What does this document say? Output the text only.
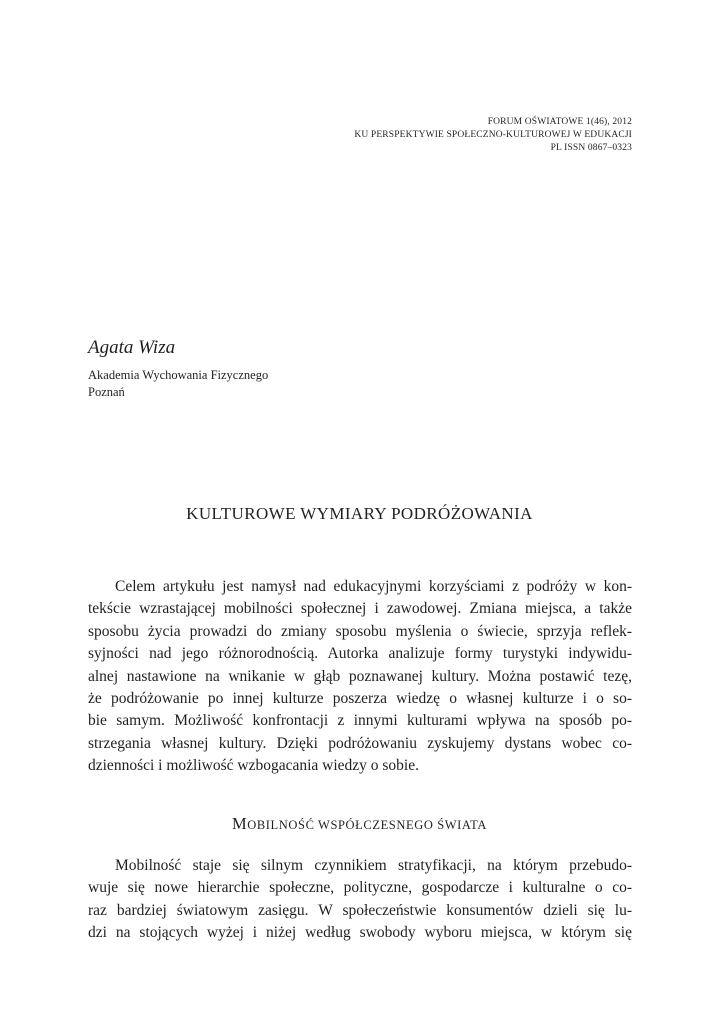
FORUM OŚWIATOWE 1(46), 2012
KU PERSPEKTYWIE SPOŁECZNO-KULTUROWEJ W EDUKACJI
PL ISSN 0867–0323
Agata Wiza
Akademia Wychowania Fizycznego
Poznań
KULTUROWE WYMIARY PODRÓŻOWANIA
Celem artykułu jest namysł nad edukacyjnymi korzyściami z podróży w kon-
tekście wzrastającej mobilności społecznej i zawodowej. Zmiana miejsca, a także
sposobu życia prowadzi do zmiany sposobu myślenia o świecie, sprzyja reflek-
syjności nad jego różnorodnością. Autorka analizuje formy turystyki indywidu-
alnej nastawione na wnikanie w głąb poznawanej kultury. Można postawić tezę,
że podróżowanie po innej kulturze poszerza wiedzę o własnej kulturze i o so-
bie samym. Możliwość konfrontacji z innymi kulturami wpływa na sposób po-
strzegania własnej kultury. Dzięki podróżowaniu zyskujemy dystans wobec co-
dzienności i możliwość wzbogacania wiedzy o sobie.
MOBILNOŚĆ WSPÓŁCZESNEGO ŚWIATA
Mobilność staje się silnym czynnikiem stratyfikacji, na którym przebudo-
wuje się nowe hierarchie społeczne, polityczne, gospodarcze i kulturalne o co-
raz bardziej światowym zasięgu. W społeczeństwie konsumentów dzieli się lu-
dzi na stojących wyżej i niżej według swobody wyboru miejsca, w którym się
